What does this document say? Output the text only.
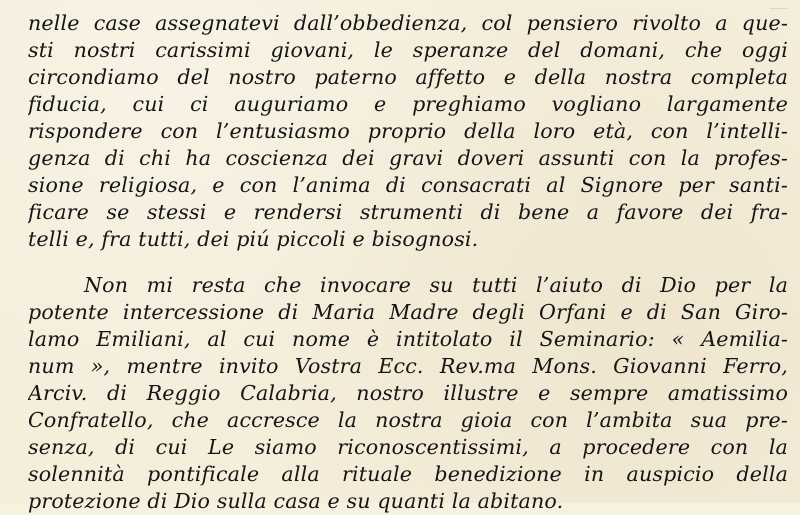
nelle case assegnatevi dall’obbedienza, col pensiero rivolto a que-
sti nostri carissimi giovani, le speranze del domani, che oggi
circondiamo del nostro paterno affetto e della nostra completa
fiducia, cui ci auguriamo e preghiamo vogliano largamente
rispondere con l’entusiasmo proprio della loro età, con l’intelli-
genza di chi ha coscienza dei gravi doveri assunti con la profes-
sione religiosa, e con l’anima di consacrati al Signore per santi-
ficare se stessi e rendersi strumenti di bene a favore dei fra-
telli e, fra tutti, dei piú piccoli e bisognosi.
Non mi resta che invocare su tutti l’aiuto di Dio per la
potente intercessione di Maria Madre degli Orfani e di San Giro-
lamo Emiliani, al cui nome è intitolato il Seminario: « Aemilia-
num », mentre invito Vostra Ecc. Rev.ma Mons. Giovanni Ferro,
Arciv. di Reggio Calabria, nostro illustre e sempre amatissimo
Confratello, che accresce la nostra gioia con l’ambita sua pre-
senza, di cui Le siamo riconoscentissimi, a procedere con la
solennità pontificale alla rituale benedizione in auspicio della
protezione di Dio sulla casa e su quanti la abitano.
